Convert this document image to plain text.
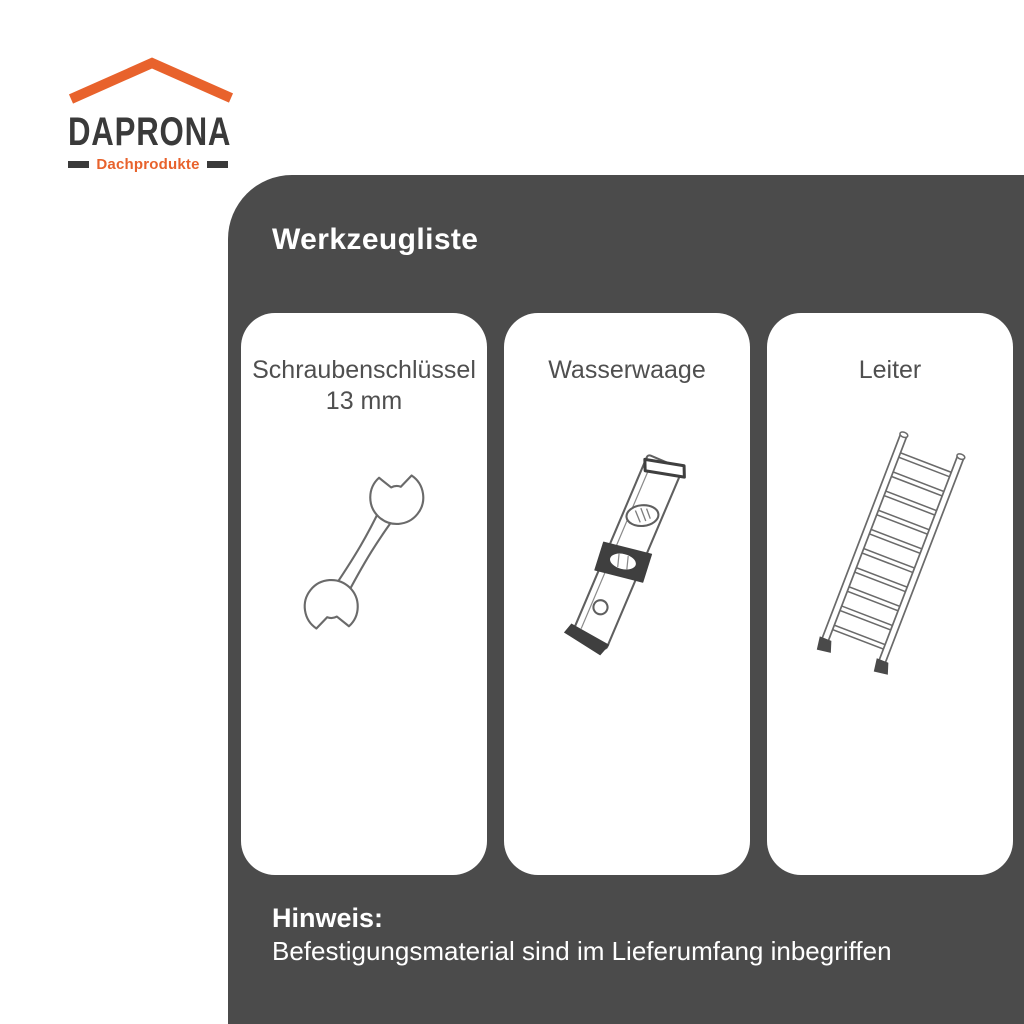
DAPRONA
Dachprodukte
Werkzeugliste
Schraubenschlüssel
13 mm
Wasserwaage	Leiter
Hinweis:
Befestigungsmaterial sind im Lieferumfang inbegriffen
